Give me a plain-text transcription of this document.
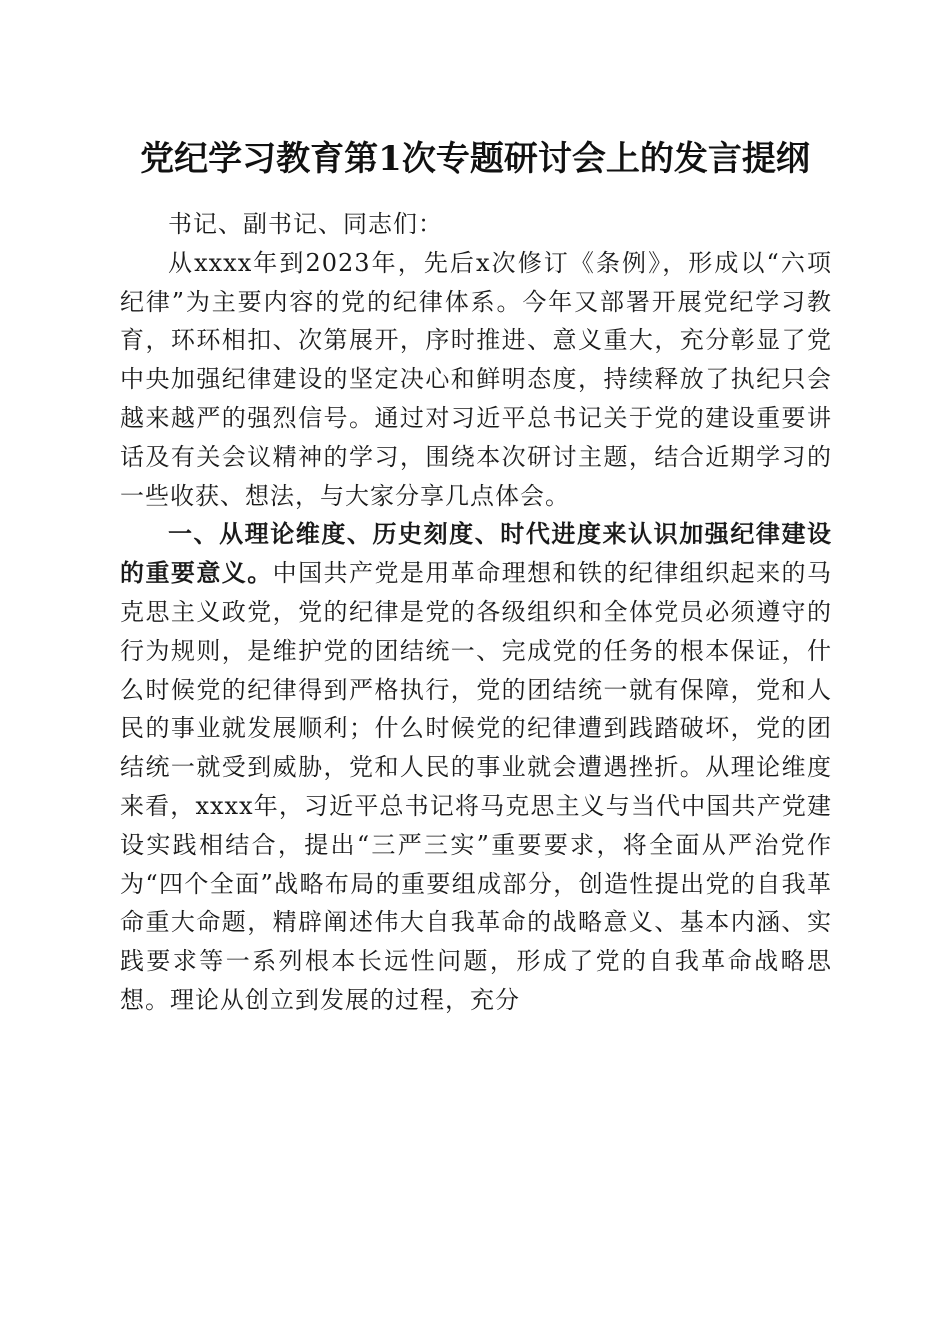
党纪学习教育第1次专题研讨会上的发言提纲

书记、副书记、同志们：

从xxxx年到2023年，先后x次修订《条例》，形成以“六项纪律”为主要内容的党的纪律体系。今年又部署开展党纪学习教育，环环相扣、次第展开，序时推进、意义重大，充分彰显了党中央加强纪律建设的坚定决心和鲜明态度，持续释放了执纪只会越来越严的强烈信号。通过对习近平总书记关于党的建设重要讲话及有关会议精神的学习，围绕本次研讨主题，结合近期学习的一些收获、想法，与大家分享几点体会。

一、从理论维度、历史刻度、时代进度来认识加强纪律建设的重要意义。中国共产党是用革命理想和铁的纪律组织起来的马克思主义政党，党的纪律是党的各级组织和全体党员必须遵守的行为规则，是维护党的团结统一、完成党的任务的根本保证，什么时候党的纪律得到严格执行，党的团结统一就有保障，党和人民的事业就发展顺利；什么时候党的纪律遭到践踏破坏，党的团结统一就受到威胁，党和人民的事业就会遭遇挫折。从理论维度来看，xxxx年，习近平总书记将马克思主义与当代中国共产党建设实践相结合，提出“三严三实”重要要求，将全面从严治党作为“四个全面”战略布局的重要组成部分，创造性提出党的自我革命重大命题，精辟阐述伟大自我革命的战略意义、基本内涵、实践要求等一系列根本长远性问题，形成了党的自我革命战略思想。理论从创立到发展的过程，充分
